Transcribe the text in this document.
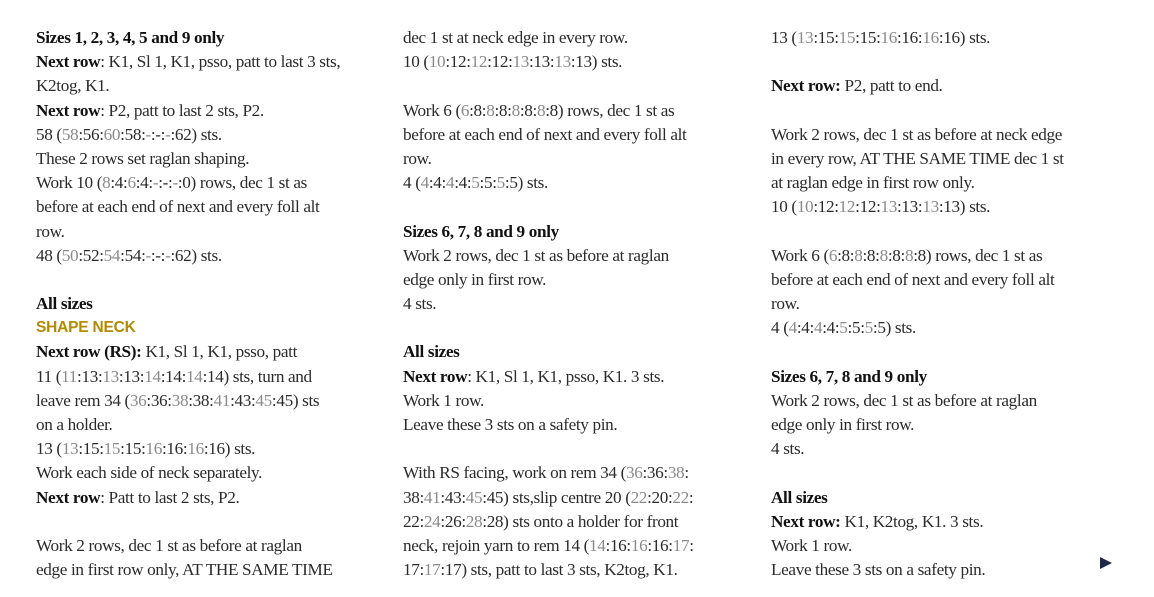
Sizes 1, 2, 3, 4, 5 and 9 only
Next row: K1, Sl 1, K1, psso, patt to last 3 sts,
K2tog, K1.
Next row: P2, patt to last 2 sts, P2.
58 (58:56:60:58:-:-:-:62) sts.
These 2 rows set raglan shaping.
Work 10 (8:4:6:4:-:-:-:0) rows, dec 1 st as
before at each end of next and every foll alt
row.
48 (50:52:54:54:-:-:-:62) sts.
All sizes
SHAPE NECK
Next row (RS): K1, Sl 1, K1, psso, patt
11 (11:13:13:13:14:14:14:14) sts, turn and
leave rem 34 (36:36:38:38:41:43:45:45) sts
on a holder.
13 (13:15:15:15:16:16:16:16) sts.
Work each side of neck separately.
Next row: Patt to last 2 sts, P2.
Work 2 rows, dec 1 st as before at raglan
edge in first row only, AT THE SAME TIME
dec 1 st at neck edge in every row.
10 (10:12:12:12:13:13:13:13) sts.
Work 6 (6:8:8:8:8:8:8:8) rows, dec 1 st as
before at each end of next and every foll alt
row.
4 (4:4:4:4:5:5:5:5) sts.
Sizes 6, 7, 8 and 9 only
Work 2 rows, dec 1 st as before at raglan
edge only in first row.
4 sts.
All sizes
Next row: K1, Sl 1, K1, psso, K1. 3 sts.
Work 1 row.
Leave these 3 sts on a safety pin.
With RS facing, work on rem 34 (36:36:38:
38:41:43:45:45) sts,slip centre 20 (22:20:22:
22:24:26:28:28) sts onto a holder for front
neck, rejoin yarn to rem 14 (14:16:16:16:17:
17:17:17) sts, patt to last 3 sts, K2tog, K1.
13 (13:15:15:15:16:16:16:16) sts.
Next row: P2, patt to end.
Work 2 rows, dec 1 st as before at neck edge
in every row, AT THE SAME TIME dec 1 st
at raglan edge in first row only.
10 (10:12:12:12:13:13:13:13) sts.
Work 6 (6:8:8:8:8:8:8:8) rows, dec 1 st as
before at each end of next and every foll alt
row.
4 (4:4:4:4:5:5:5:5) sts.
Sizes 6, 7, 8 and 9 only
Work 2 rows, dec 1 st as before at raglan
edge only in first row.
4 sts.
All sizes
Next row: K1, K2tog, K1. 3 sts.
Work 1 row.
Leave these 3 sts on a safety pin.
